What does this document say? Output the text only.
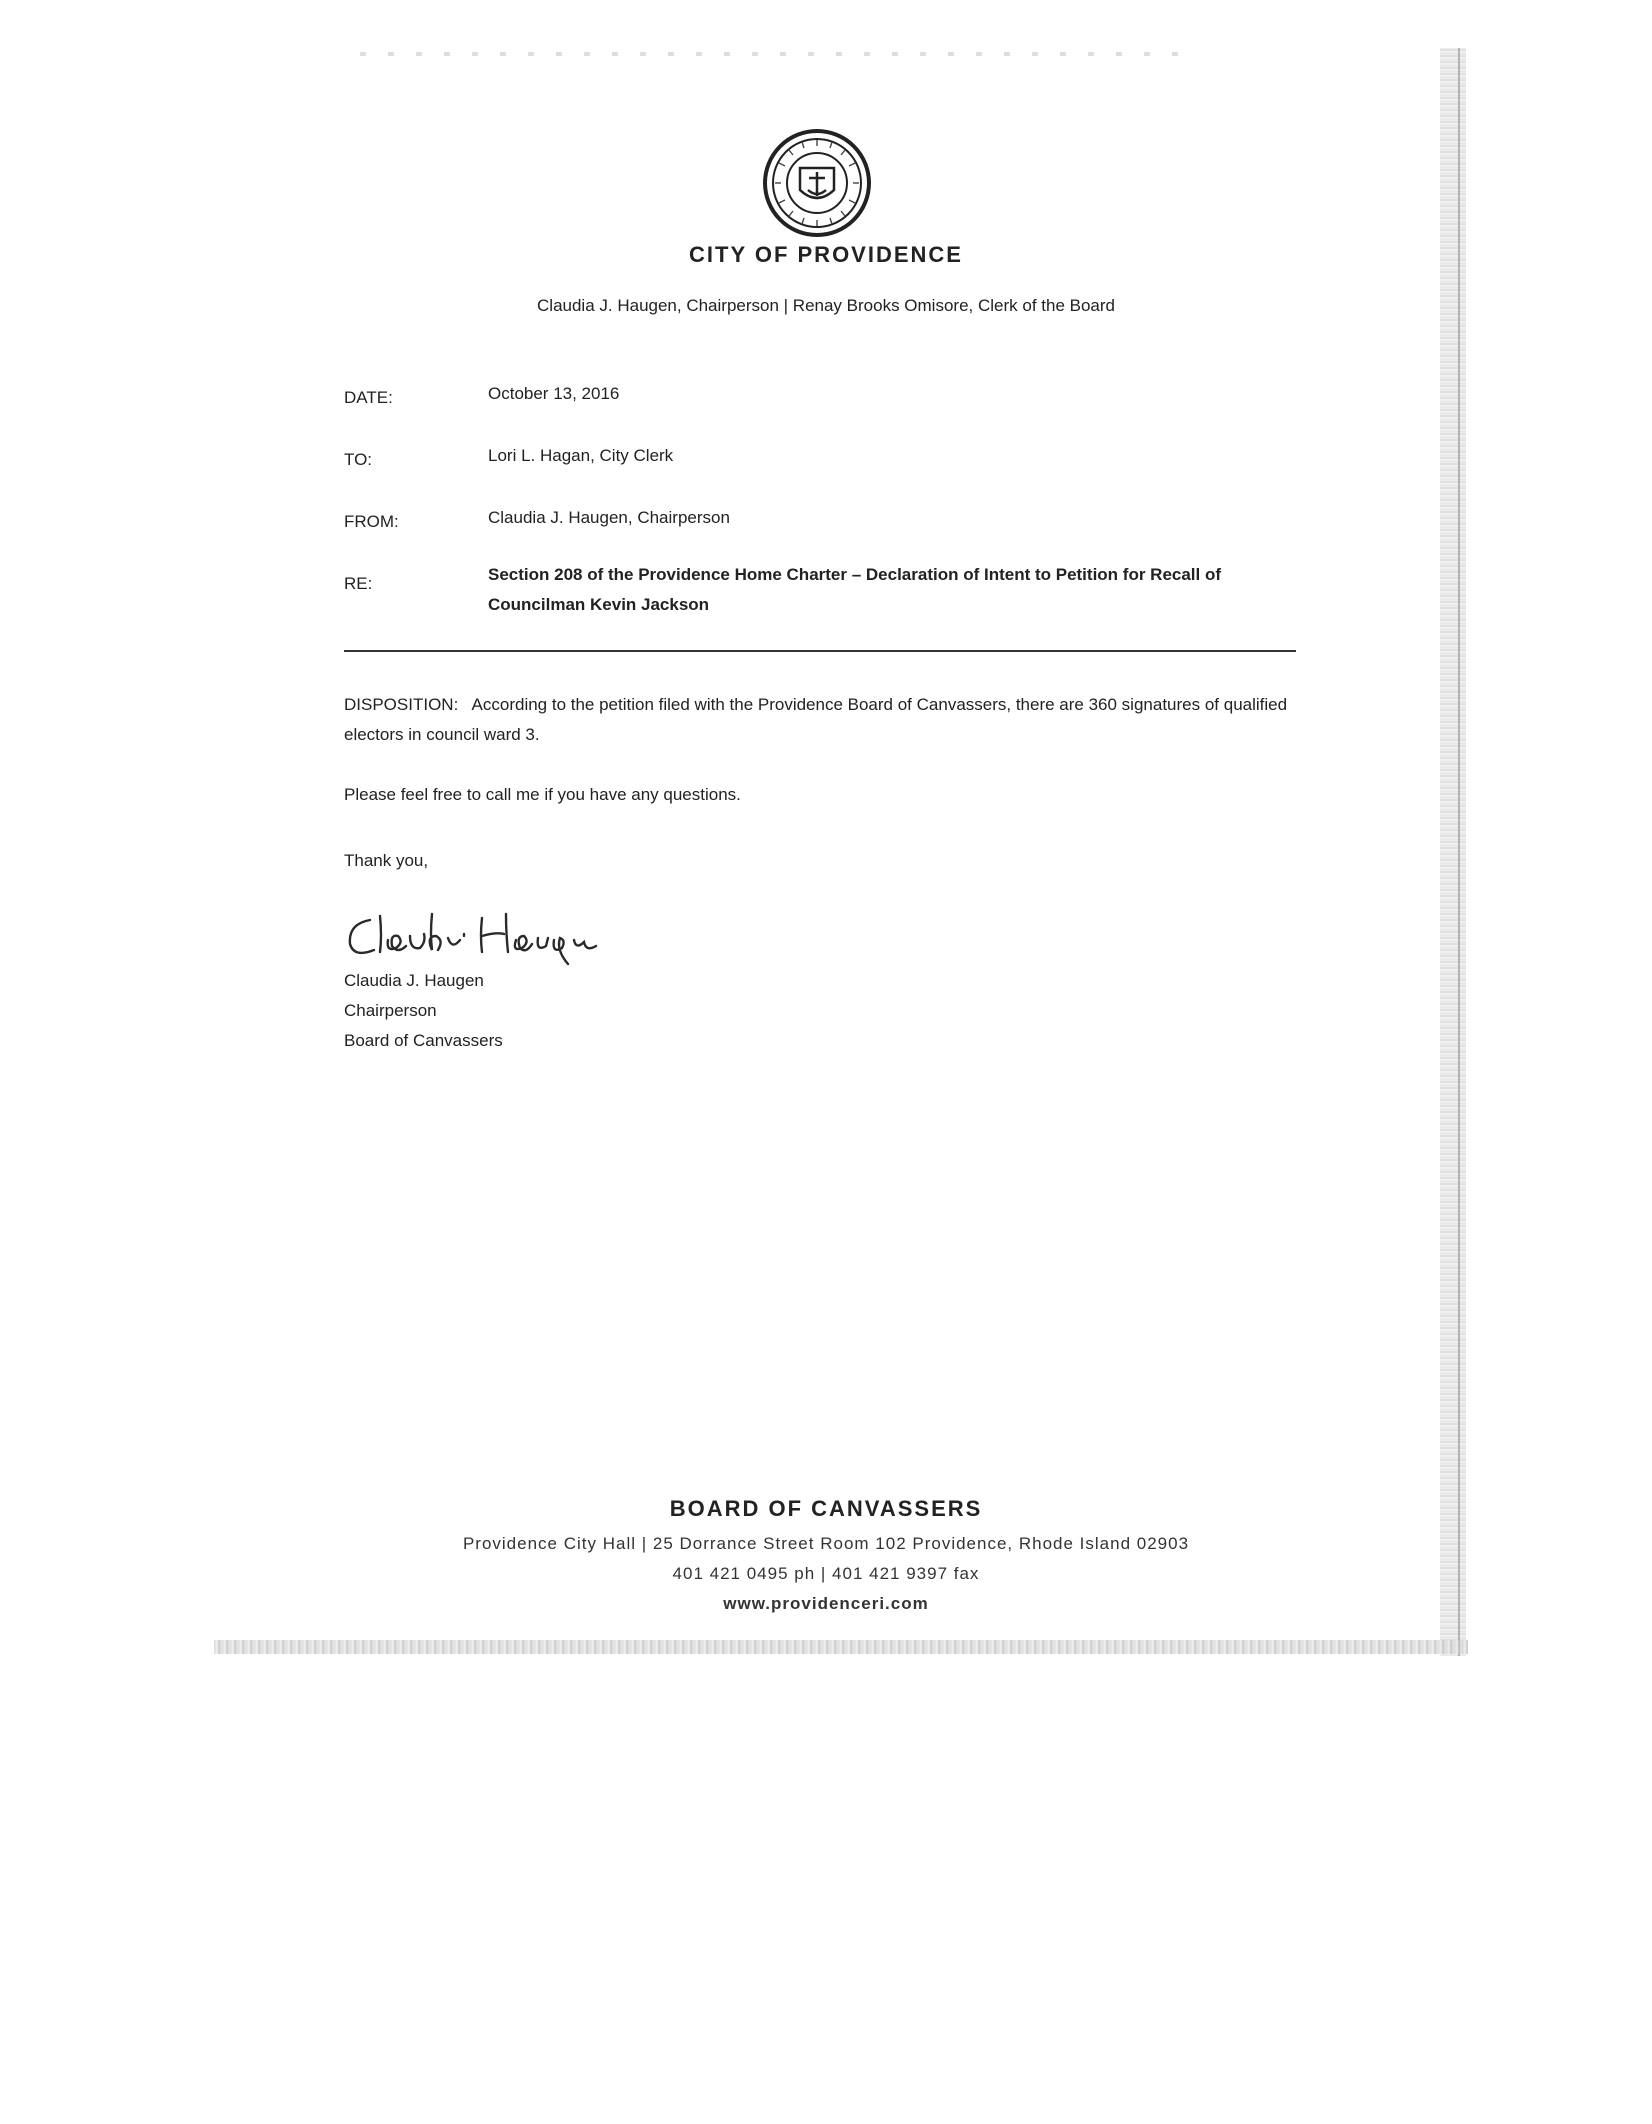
CITY OF PROVIDENCE
Claudia J. Haugen, Chairperson | Renay Brooks Omisore, Clerk of the Board
DATE:	October 13, 2016
TO:	Lori L. Hagan, City Clerk
FROM:	Claudia J. Haugen, Chairperson
RE:	Section 208 of the Providence Home Charter – Declaration of Intent to Petition for Recall of Councilman Kevin Jackson
DISPOSITION: According to the petition filed with the Providence Board of Canvassers, there are 360 signatures of qualified electors in council ward 3.
Please feel free to call me if you have any questions.
Thank you,
Claudia J. Haugen
Chairperson
Board of Canvassers
BOARD OF CANVASSERS
Providence City Hall | 25 Dorrance Street Room 102 Providence, Rhode Island 02903
401 421 0495 ph | 401 421 9397 fax
www.providenceri.com
